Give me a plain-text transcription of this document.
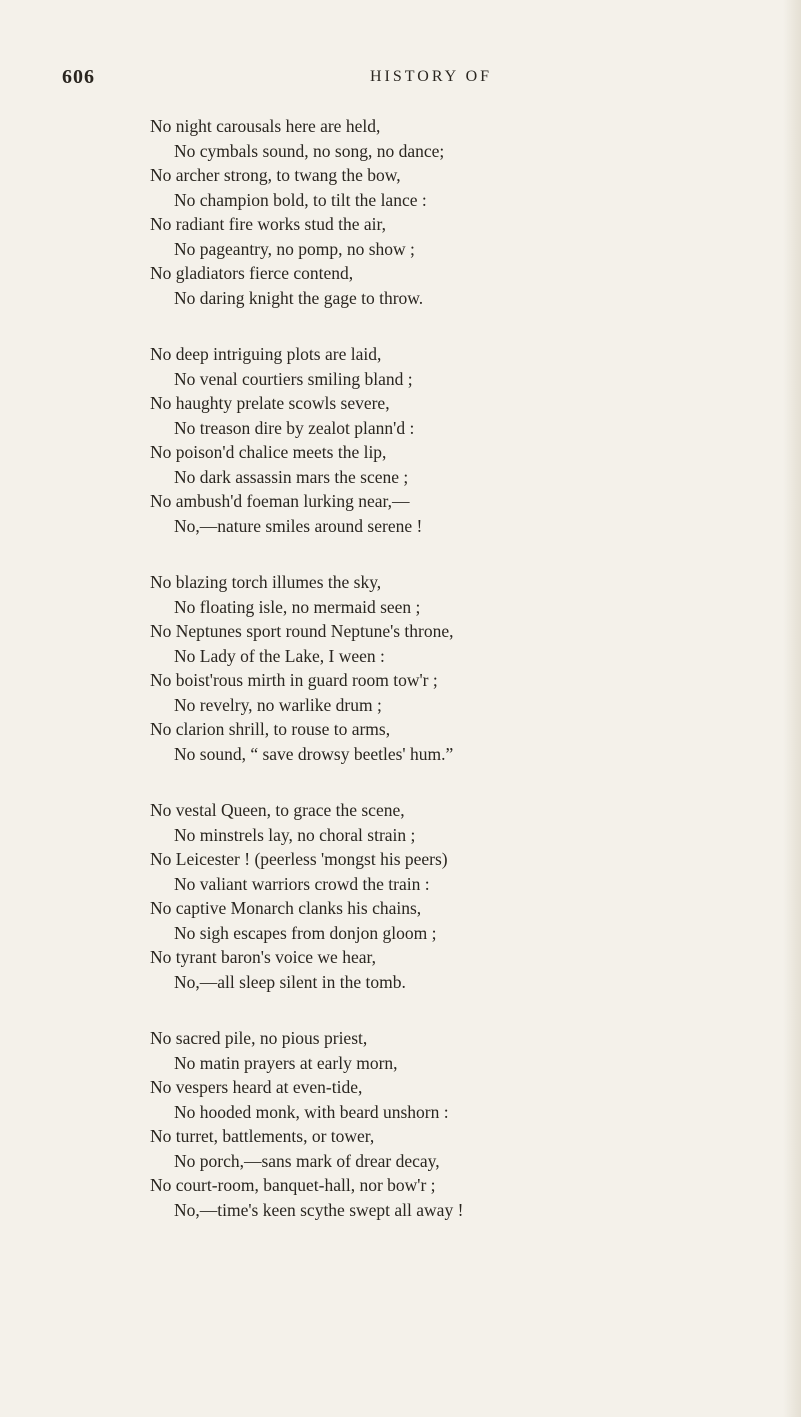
606	HISTORY OF
No night carousals here are held,
No cymbals sound, no song, no dance;
No archer strong, to twang the bow,
No champion bold, to tilt the lance :
No radiant fire works stud the air,
No pageantry, no pomp, no show ;
No gladiators fierce contend,
No daring knight the gage to throw.
No deep intriguing plots are laid,
No venal courtiers smiling bland ;
No haughty prelate scowls severe,
No treason dire by zealot plann'd :
No poison'd chalice meets the lip,
No dark assassin mars the scene ;
No ambush'd foeman lurking near,—
No,—nature smiles around serene !
No blazing torch illumes the sky,
No floating isle, no mermaid seen ;
No Neptunes sport round Neptune's throne,
No Lady of the Lake, I ween :
No boist'rous mirth in guard room tow'r ;
No revelry, no warlike drum ;
No clarion shrill, to rouse to arms,
No sound, “ save drowsy beetles' hum.”
No vestal Queen, to grace the scene,
No minstrels lay, no choral strain ;
No Leicester ! (peerless 'mongst his peers)
No valiant warriors crowd the train :
No captive Monarch clanks his chains,
No sigh escapes from donjon gloom ;
No tyrant baron's voice we hear,
No,—all sleep silent in the tomb.
No sacred pile, no pious priest,
No matin prayers at early morn,
No vespers heard at even-tide,
No hooded monk, with beard unshorn :
No turret, battlements, or tower,
No porch,—sans mark of drear decay,
No court-room, banquet-hall, nor bow'r ;
No,—time's keen scythe swept all away !
